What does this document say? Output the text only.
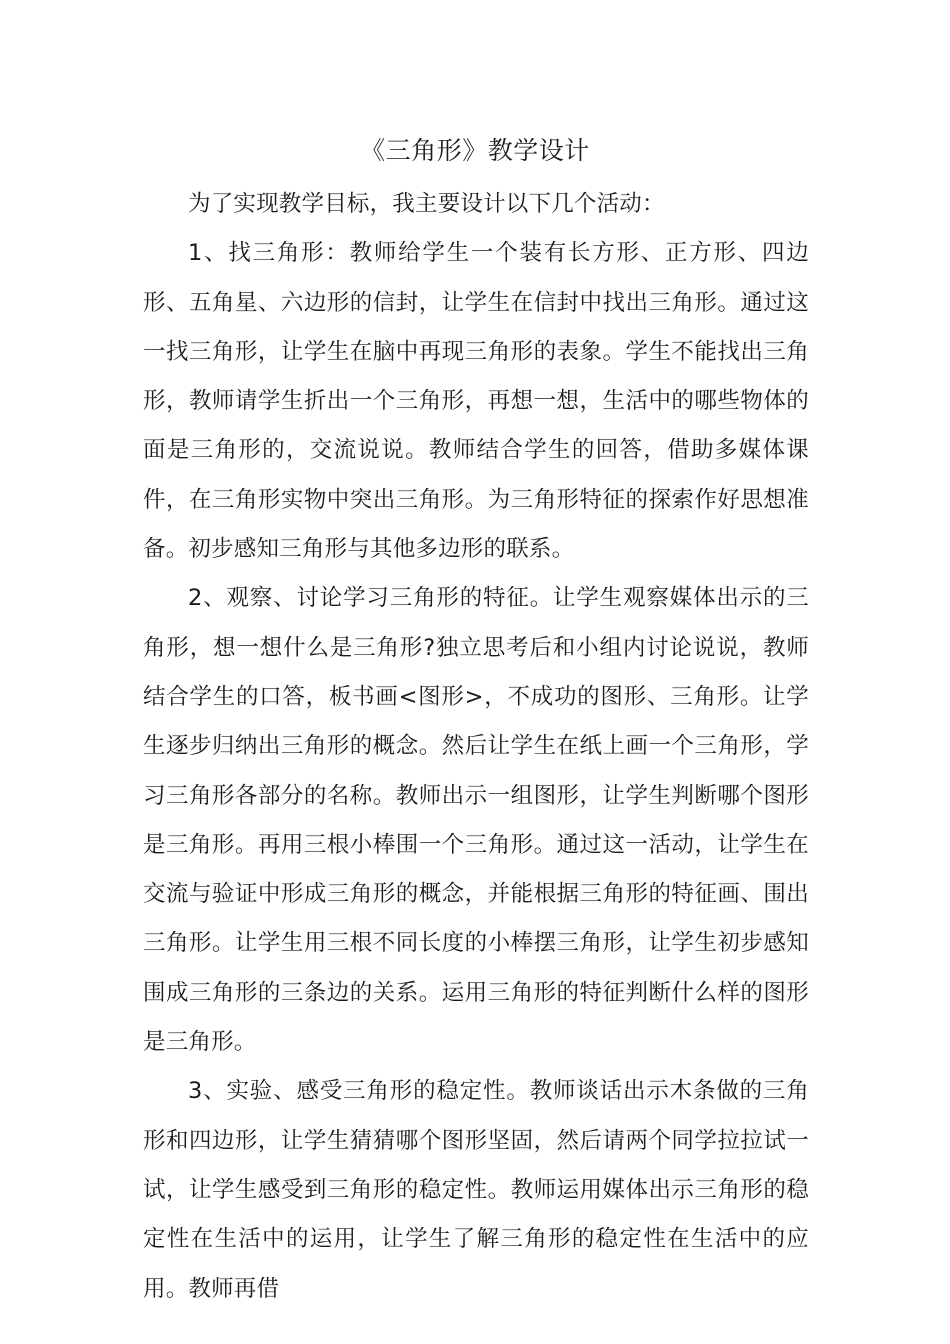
《三角形》教学设计

为了实现教学目标，我主要设计以下几个活动：

1、找三角形：教师给学生一个装有长方形、正方形、四边形、五角星、六边形的信封，让学生在信封中找出三角形。通过这一找三角形，让学生在脑中再现三角形的表象。学生不能找出三角形，教师请学生折出一个三角形，再想一想，生活中的哪些物体的面是三角形的，交流说说。教师结合学生的回答，借助多媒体课件，在三角形实物中突出三角形。为三角形特征的探索作好思想准备。初步感知三角形与其他多边形的联系。

2、观察、讨论学习三角形的特征。让学生观察媒体出示的三角形，想一想什么是三角形?独立思考后和小组内讨论说说，教师结合学生的口答，板书画<图形>，不成功的图形、三角形。让学生逐步归纳出三角形的概念。然后让学生在纸上画一个三角形，学习三角形各部分的名称。教师出示一组图形，让学生判断哪个图形是三角形。再用三根小棒围一个三角形。通过这一活动，让学生在交流与验证中形成三角形的概念，并能根据三角形的特征画、围出三角形。让学生用三根不同长度的小棒摆三角形，让学生初步感知围成三角形的三条边的关系。运用三角形的特征判断什么样的图形是三角形。

3、实验、感受三角形的稳定性。教师谈话出示木条做的三角形和四边形，让学生猜猜哪个图形坚固，然后请两个同学拉拉试一试，让学生感受到三角形的稳定性。教师运用媒体出示三角形的稳定性在生活中的运用，让学生了解三角形的稳定性在生活中的应用。教师再借
